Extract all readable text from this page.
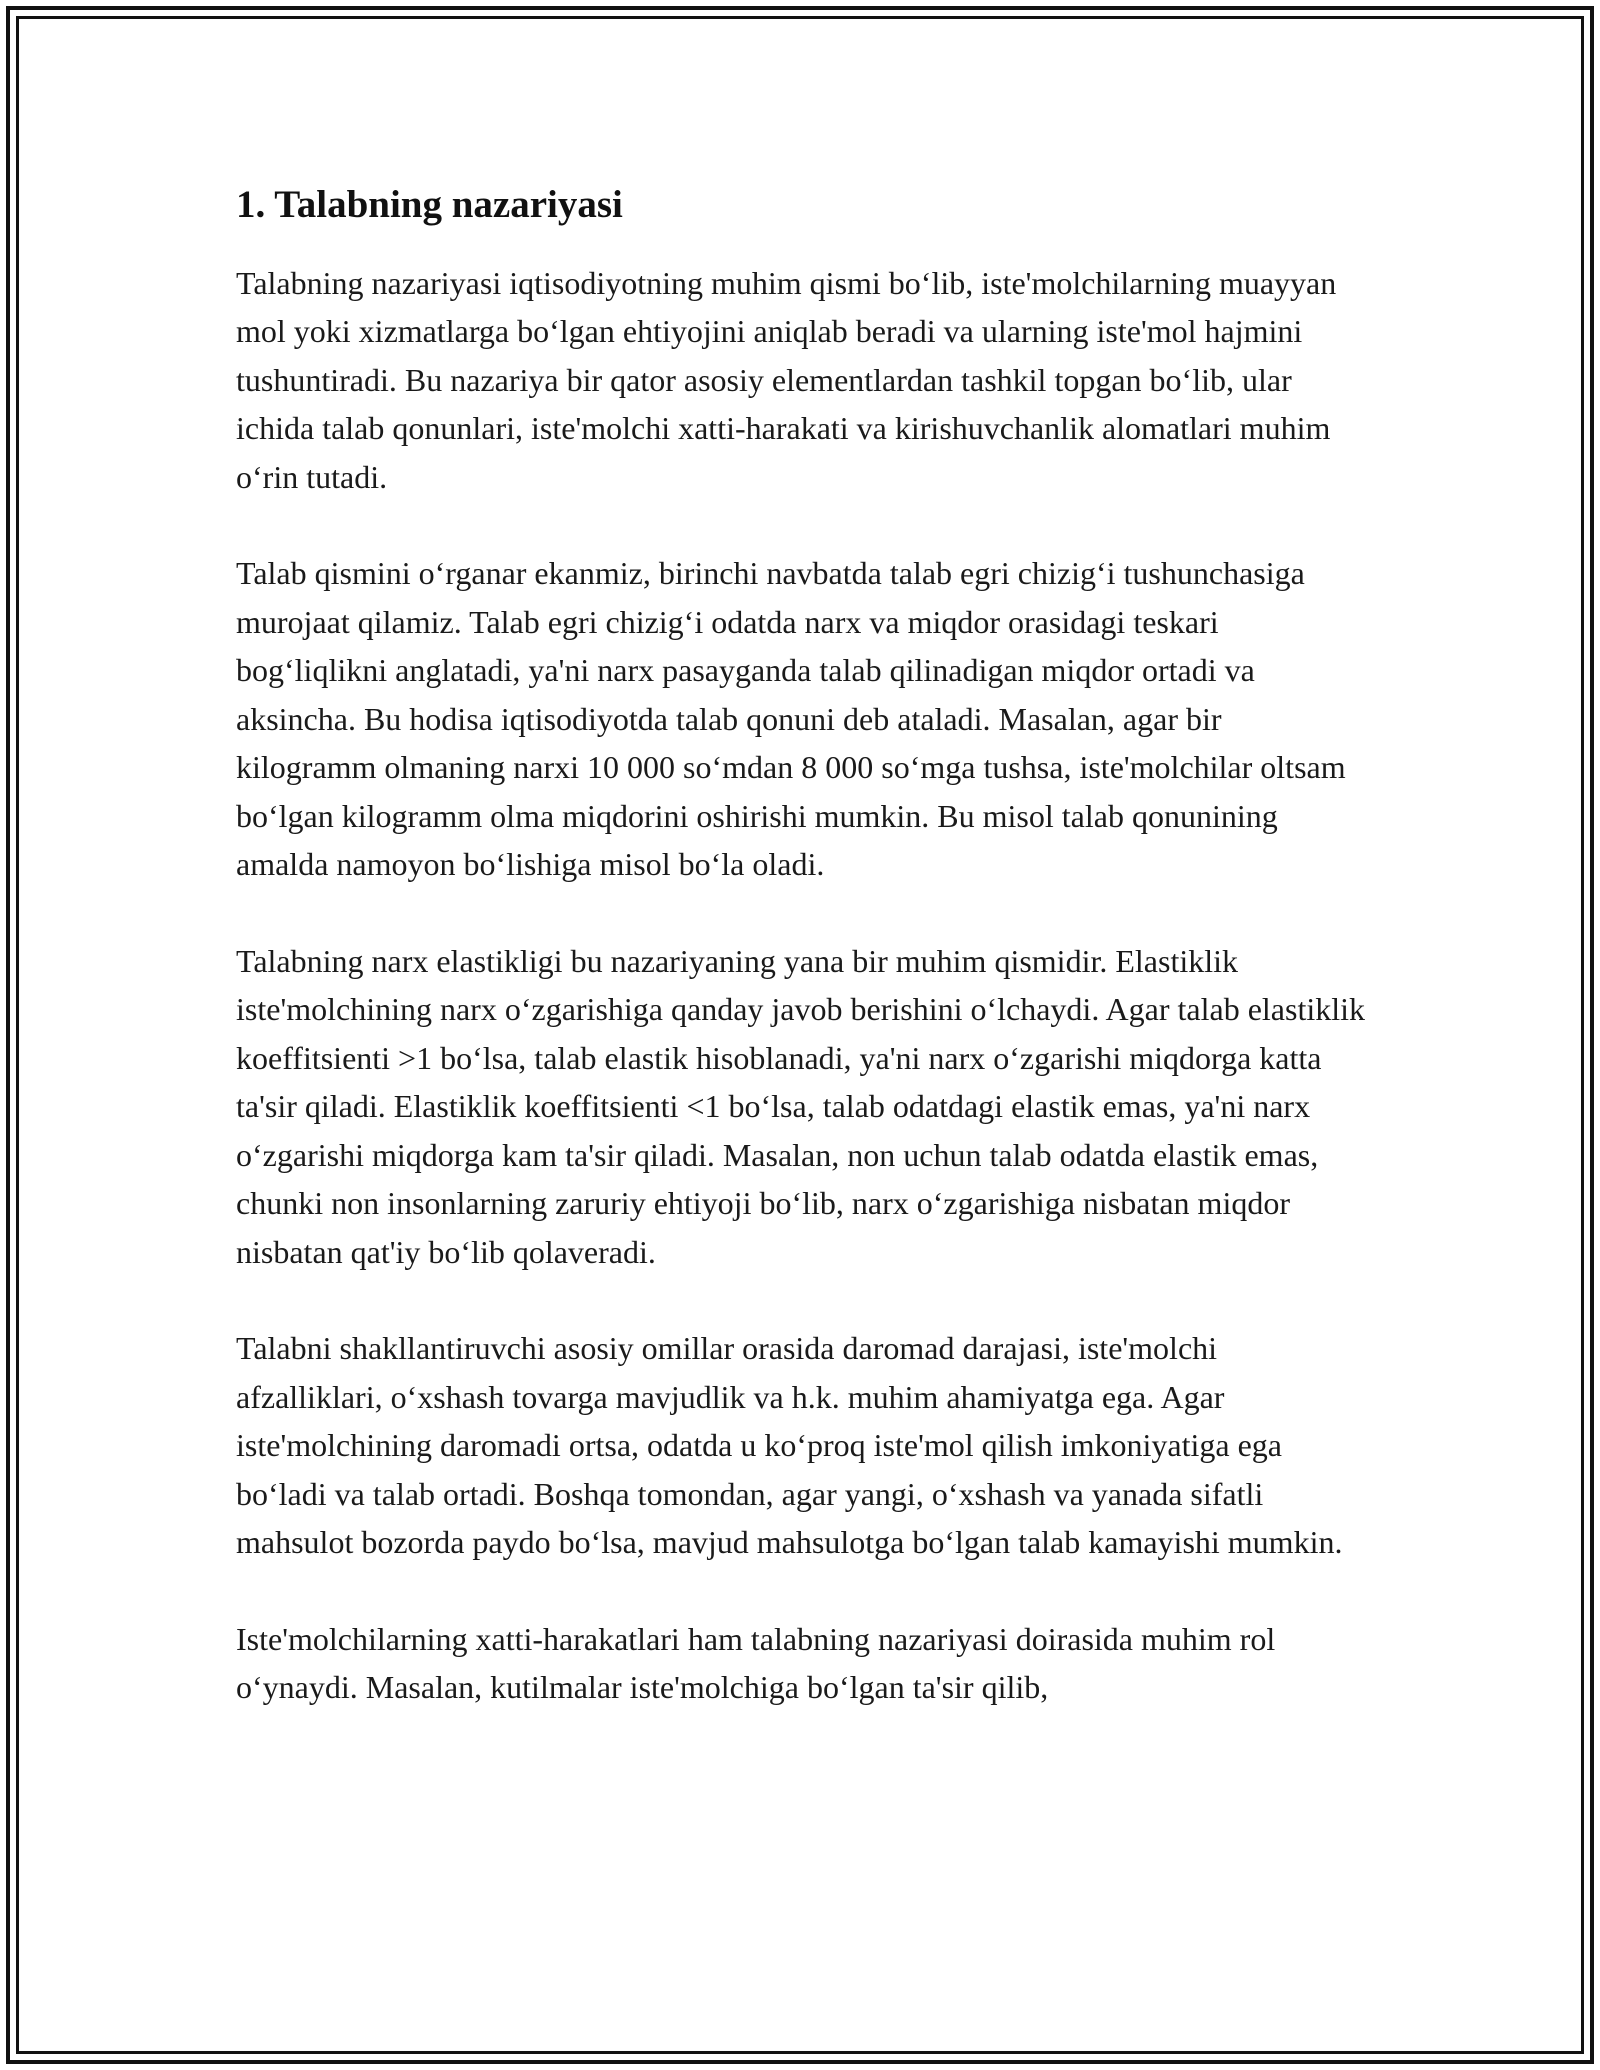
1. Talabning nazariyasi

Talabning nazariyasi iqtisodiyotning muhim qismi bo‘lib, iste'molchilarning muayyan mol yoki xizmatlarga bo‘lgan ehtiyojini aniqlab beradi va ularning iste'mol hajmini tushuntiradi. Bu nazariya bir qator asosiy elementlardan tashkil topgan bo‘lib, ular ichida talab qonunlari, iste'molchi xatti-harakati va kirishuvchanlik alomatlari muhim o‘rin tutadi.

Talab qismini o‘rganar ekanmiz, birinchi navbatda talab egri chizig‘i tushunchasiga murojaat qilamiz. Talab egri chizig‘i odatda narx va miqdor orasidagi teskari bog‘liqlikni anglatadi, ya'ni narx pasayganda talab qilinadigan miqdor ortadi va aksincha. Bu hodisa iqtisodiyotda talab qonuni deb ataladi. Masalan, agar bir kilogramm olmaning narxi 10 000 so‘mdan 8 000 so‘mga tushsa, iste'molchilar oltsam bo‘lgan kilogramm olma miqdorini oshirishi mumkin. Bu misol talab qonunining amalda namoyon bo‘lishiga misol bo‘la oladi.

Talabning narx elastikligi bu nazariyaning yana bir muhim qismidir. Elastiklik iste'molchining narx o‘zgarishiga qanday javob berishini o‘lchaydi. Agar talab elastiklik koeffitsienti >1 bo‘lsa, talab elastik hisoblanadi, ya'ni narx o‘zgarishi miqdorga katta ta'sir qiladi. Elastiklik koeffitsienti <1 bo‘lsa, talab odatdagi elastik emas, ya'ni narx o‘zgarishi miqdorga kam ta'sir qiladi. Masalan, non uchun talab odatda elastik emas, chunki non insonlarning zaruriy ehtiyoji bo‘lib, narx o‘zgarishiga nisbatan miqdor nisbatan qat'iy bo‘lib qolaveradi.

Talabni shakllantiruvchi asosiy omillar orasida daromad darajasi, iste'molchi afzalliklari, o‘xshash tovarga mavjudlik va h.k. muhim ahamiyatga ega. Agar iste'molchining daromadi ortsa, odatda u ko‘proq iste'mol qilish imkoniyatiga ega bo‘ladi va talab ortadi. Boshqa tomondan, agar yangi, o‘xshash va yanada sifatli mahsulot bozorda paydo bo‘lsa, mavjud mahsulotga bo‘lgan talab kamayishi mumkin.

Iste'molchilarning xatti-harakatlari ham talabning nazariyasi doirasida muhim rol o‘ynaydi. Masalan, kutilmalar iste'molchiga bo‘lgan ta'sir qilib,
